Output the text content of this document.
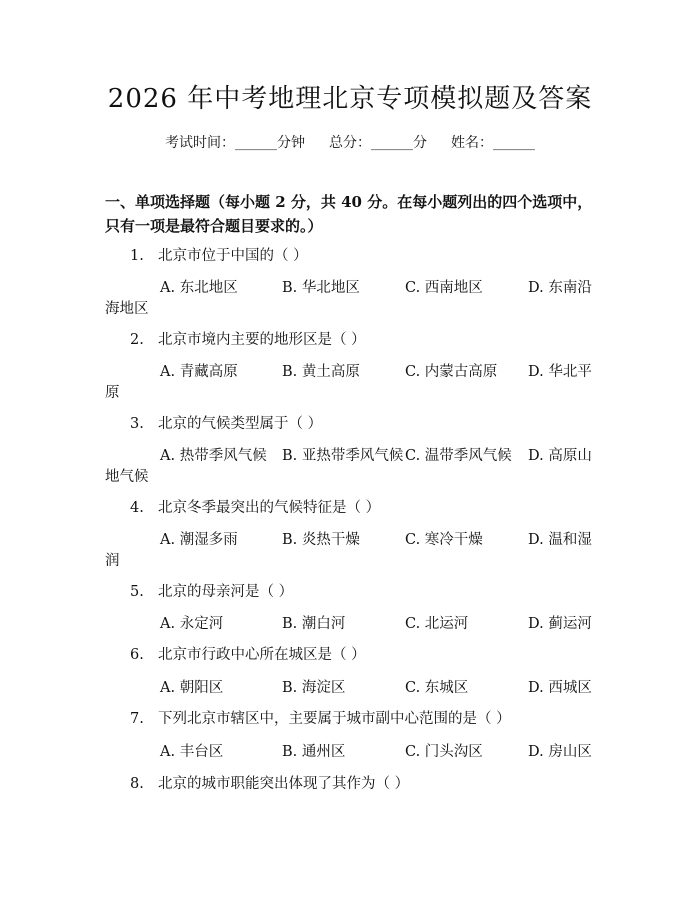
2026 年中考地理北京专项模拟题及答案
考试时间：______分钟 总分：______分 姓名：______
一、单项选择题（每小题 2 分，共 40 分。在每小题列出的四个选项中，只有一项是最符合题目要求的。）
1. 北京市位于中国的（ ）
A. 东北地区	B. 华北地区	C. 西南地区	D. 东南沿
海地区
2. 北京市境内主要的地形区是（ ）
A. 青藏高原	B. 黄土高原	C. 内蒙古高原 D. 华北平
原
3. 北京的气候类型属于（ ）
A. 热带季风气候 B. 亚热带季风气候 C. 温带季风气候 D. 高原山
地气候
4. 北京冬季最突出的气候特征是（ ）
A. 潮湿多雨	B. 炎热干燥	C. 寒冷干燥	D. 温和湿
润
5. 北京的母亲河是（ ）
A. 永定河	B. 潮白河	C. 北运河	D. 蓟运河
6. 北京市行政中心所在城区是（ ）
A. 朝阳区	B. 海淀区	C. 东城区	D. 西城区
7. 下列北京市辖区中，主要属于城市副中心范围的是（ ）
A. 丰台区	B. 通州区	C. 门头沟区	D. 房山区
8. 北京的城市职能突出体现了其作为（ ）
